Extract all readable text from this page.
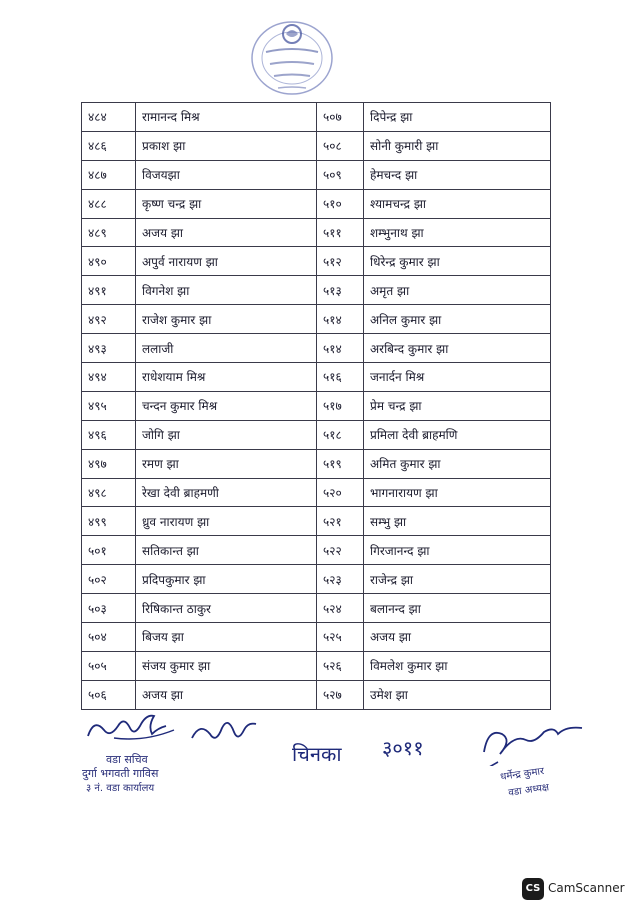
४८४	रामानन्द मिश्र	५०७	दिपेन्द्र झा
४८६	प्रकाश झा	५०८	सोनी कुमारी झा
४८७	विजयझा	५०९	हेमचन्द झा
४८८	कृष्ण चन्द्र झा	५१०	श्यामचन्द्र झा
४८९	अजय झा	५११	शम्भुनाथ झा
४९०	अपुर्व नारायण झा	५१२	धिरेन्द्र कुमार झा
४९१	विगनेश झा	५१३	अमृत झा
४९२	राजेश कुमार झा	५१४	अनिल कुमार झा
४९३	ललाजी	५१४	अरबिन्द कुमार झा
४९४	राधेशयाम मिश्र	५१६	जनार्दन मिश्र
४९५	चन्दन कुमार मिश्र	५१७	प्रेम चन्द्र झा
४९६	जोगि झा	५१८	प्रमिला देवी ब्राहमणि
४९७	रमण झा	५१९	अमित कुमार झा
४९८	रेखा देवी ब्राहमणी	५२०	भागनारायण झा
४९९	ध्रुव नारायण झा	५२१	सम्भु झा
५०१	सतिकान्त झा	५२२	गिरजानन्द झा
५०२	प्रदिपकुमार झा	५२३	राजेन्द्र झा
५०३	रिषिकान्त ठाकुर	५२४	बलानन्द झा
५०४	बिजय झा	५२५	अजय झा
५०५	संजय कुमार झा	५२६	विमलेश कुमार झा
५०६	अजय झा	५२७	उमेश झा
वडा सचिव
दुर्गा भगवती गाविस
३ नं. वडा कार्यालय
चिनका ३०११
धर्मेन्द्र कुमार
वडा अध्यक्ष
CS CamScanner
